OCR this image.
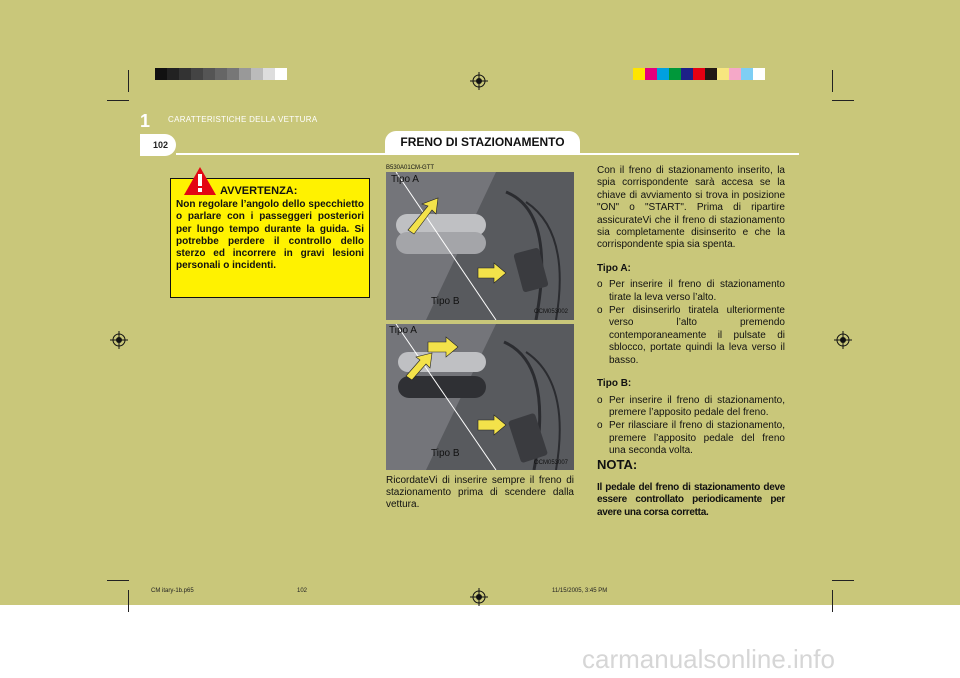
1 CARATTERISTICHE DELLA VETTURA
102	FRENO DI STAZIONAMENTO
AVVERTENZA:
Non regolare l’angolo dello specchietto o parlare con i passeggeri posteriori per lungo tempo durante la guida. Si potrebbe perdere il controllo dello sterzo ed incorrere in gravi lesioni personali o incidenti.
B530A01CM-GTT
Tipo A
Tipo B
OCM053002
Tipo A
Tipo B
OCM053007
RicordateVi di inserire sempre il freno di stazionamento prima di scendere dalla vettura.

Con il freno di stazionamento inserito, la spia corrispondente sarà accesa se la chiave di avviamento si trova in posizione "ON" o "START". Prima di ripartire assicurateVi che il freno di stazionamento sia completamente disinserito e che la corrispondente spia sia spenta.

Tipo A:

o Per inserire il freno di stazionamento tirate la leva verso l’alto.

o Per disinserirlo tiratela ulteriormente verso l’alto premendo contemporaneamente il pulsate di sblocco, portate quindi la leva verso il basso.

Tipo B:

o Per inserire il freno di stazionamento, premere l’apposito pedale del freno.

o Per rilasciare il freno di stazionamento, premere l’apposito pedale del freno una seconda volta.

NOTA:

Il pedale del freno di stazionamento deve essere controllato periodicamente per avere una corsa corretta.

CM itary-1b.p65	102	11/15/2005, 3:45 PM
carmanualsonline.info
